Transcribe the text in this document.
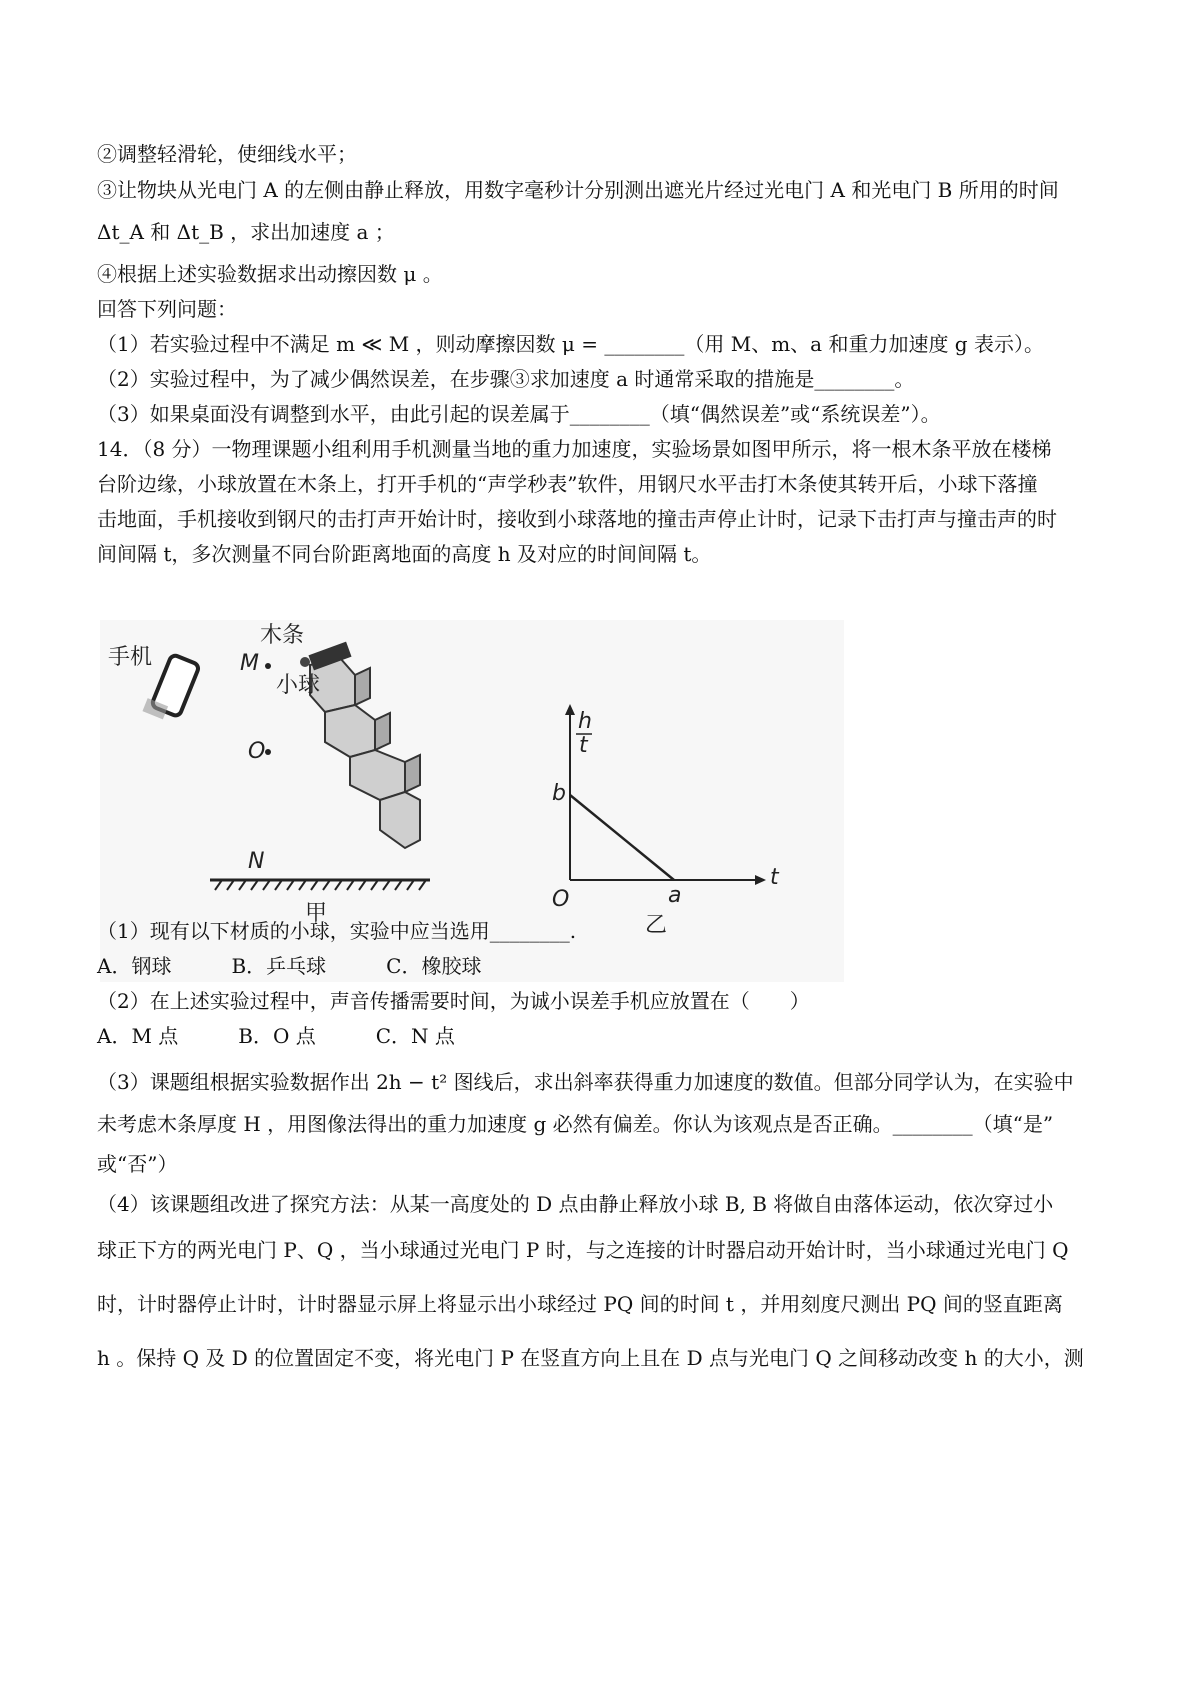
②调整轻滑轮，使细线水平；
③让物块从光电门 A 的左侧由静止释放，用数字毫秒计分别测出遮光片经过光电门 A 和光电门 B 所用的时间
Δt_A 和 Δt_B ，求出加速度 a ；
④根据上述实验数据求出动擦因数 μ 。
回答下列问题：
（1）若实验过程中不满足 m ≪ M ，则动摩擦因数 μ = ________（用 M、m、a 和重力加速度 g 表示）。
（2）实验过程中，为了减少偶然误差，在步骤③求加速度 a 时通常采取的措施是________。
（3）如果桌面没有调整到水平，由此引起的误差属于________（填“偶然误差”或“系统误差”）。
14．（8 分）一物理课题小组利用手机测量当地的重力加速度，实验场景如图甲所示，将一根木条平放在楼梯
台阶边缘，小球放置在木条上，打开手机的“声学秒表”软件，用钢尺水平击打木条使其转开后，小球下落撞
击地面，手机接收到钢尺的击打声开始计时，接收到小球落地的撞击声停止计时，记录下击打声与撞击声的时
间间隔 t，多次测量不同台阶距离地面的高度 h 及对应的时间间隔 t。
手机
木条
小球
M
O
N
甲
h
t
b
O	a
t
乙
（1）现有以下材质的小球，实验中应当选用________.
A．钢球　　　B．乒乓球　　　C．橡胶球
（2）在上述实验过程中，声音传播需要时间，为诚小误差手机应放置在（　　）
A．M 点　　　B．O 点　　　C．N 点
（3）课题组根据实验数据作出 2h − t² 图线后，求出斜率获得重力加速度的数值。但部分同学认为，在实验中
未考虑木条厚度 H ，用图像法得出的重力加速度 g 必然有偏差。你认为该观点是否正确。________（填“是”
或“否”）
（4）该课题组改进了探究方法：从某一高度处的 D 点由静止释放小球 B, B 将做自由落体运动，依次穿过小
球正下方的两光电门 P、Q ，当小球通过光电门 P 时，与之连接的计时器启动开始计时，当小球通过光电门 Q
时，计时器停止计时，计时器显示屏上将显示出小球经过 PQ 间的时间 t ，并用刻度尺测出 PQ 间的竖直距离
h 。保持 Q 及 D 的位置固定不变，将光电门 P 在竖直方向上且在 D 点与光电门 Q 之间移动改变 h 的大小，测
